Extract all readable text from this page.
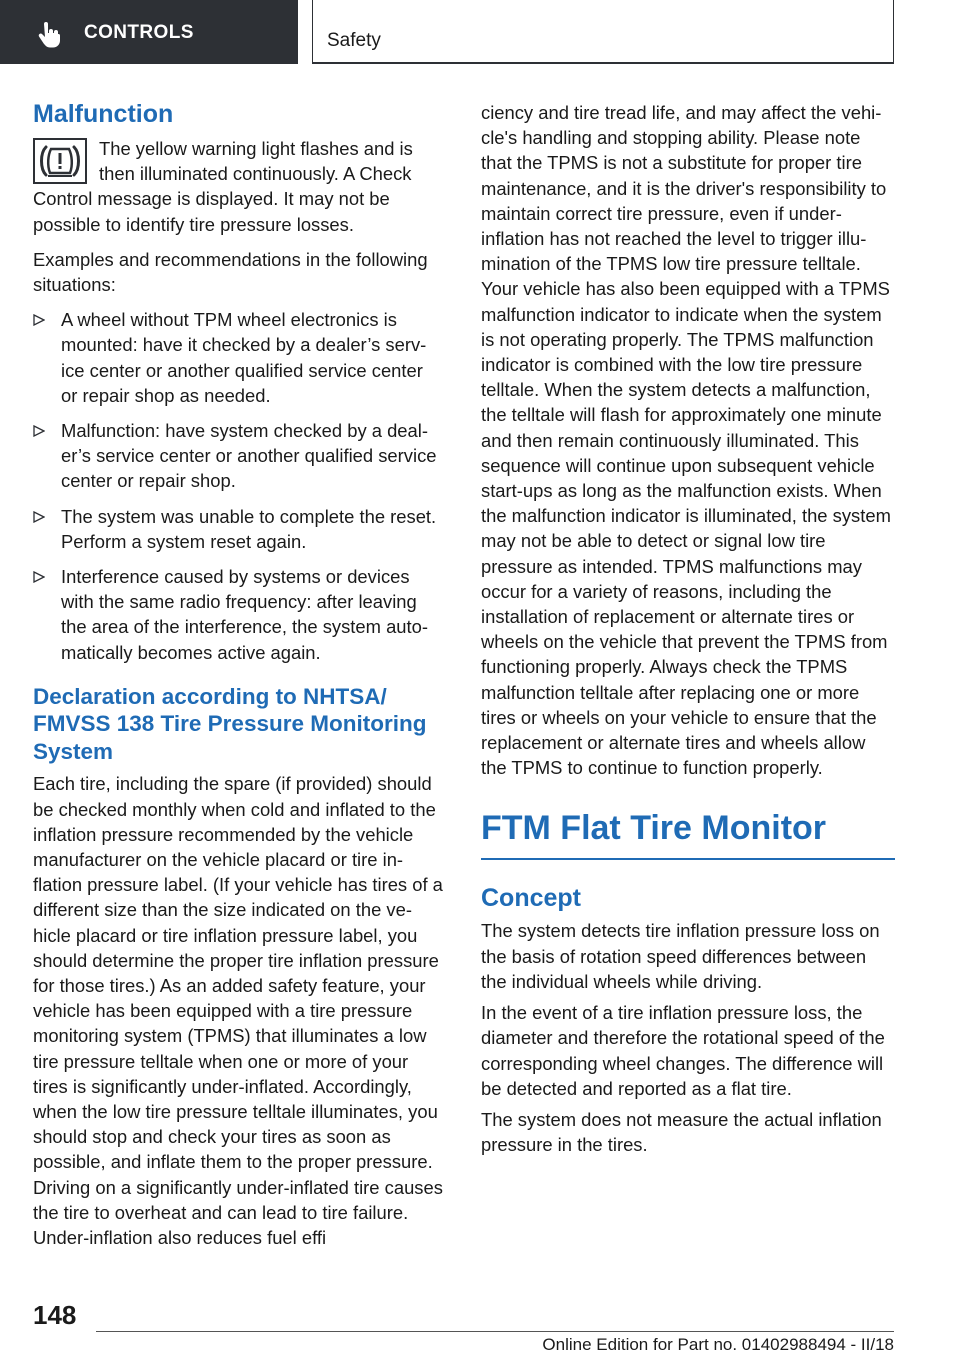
CONTROLS	Safety
Malfunction

The yellow warning light flashes and is then illuminated continuously. A Check Control message is displayed. It may not be possible to identify tire pressure losses.

Examples and recommendations in the following situations:

A wheel without TPM wheel electronics is mounted: have it checked by a dealer’s service center or another qualified service center or repair shop as needed.

Malfunction: have system checked by a dealer’s service center or another qualified service center or repair shop.

The system was unable to complete the reset. Perform a system reset again.

Interference caused by systems or devices with the same radio frequency: after leaving the area of the interference, the system automatically becomes active again.

Declaration according to NHTSA/ FMVSS 138 Tire Pressure Monitoring System

Each tire, including the spare (if provided) should be checked monthly when cold and inflated to the inflation pressure recommended by the vehicle manufacturer on the vehicle placard or tire inflation pressure label. (If your vehicle has tires of a different size than the size indicated on the vehicle placard or tire inflation pressure label, you should determine the proper tire inflation pressure for those tires.) As an added safety feature, your vehicle has been equipped with a tire pressure monitoring system (TPMS) that illuminates a low tire pressure telltale when one or more of your tires is significantly under-inflated. Accordingly, when the low tire pressure telltale illuminates, you should stop and check your tires as soon as possible, and inflate them to the proper pressure. Driving on a significantly under-inflated tire causes the tire to overheat and can lead to tire failure. Under-inflation also reduces fuel effi

ciency and tire tread life, and may affect the vehicle's handling and stopping ability. Please note that the TPMS is not a substitute for proper tire maintenance, and it is the driver's responsibility to maintain correct tire pressure, even if under-inflation has not reached the level to trigger illumination of the TPMS low tire pressure telltale. Your vehicle has also been equipped with a TPMS malfunction indicator to indicate when the system is not operating properly. The TPMS malfunction indicator is combined with the low tire pressure telltale. When the system detects a malfunction, the telltale will flash for approximately one minute and then remain continuously illuminated. This sequence will continue upon subsequent vehicle start-ups as long as the malfunction exists. When the malfunction indicator is illuminated, the system may not be able to detect or signal low tire pressure as intended. TPMS malfunctions may occur for a variety of reasons, including the installation of replacement or alternate tires or wheels on the vehicle that prevent the TPMS from functioning properly. Always check the TPMS malfunction telltale after replacing one or more tires or wheels on your vehicle to ensure that the replacement or alternate tires and wheels allow the TPMS to continue to function properly.

FTM Flat Tire Monitor
Concept

The system detects tire inflation pressure loss on the basis of rotation speed differences between the individual wheels while driving.

In the event of a tire inflation pressure loss, the diameter and therefore the rotational speed of the corresponding wheel changes. The difference will be detected and reported as a flat tire.

The system does not measure the actual inflation pressure in the tires.

148
Online Edition for Part no. 01402988494 - II/18
